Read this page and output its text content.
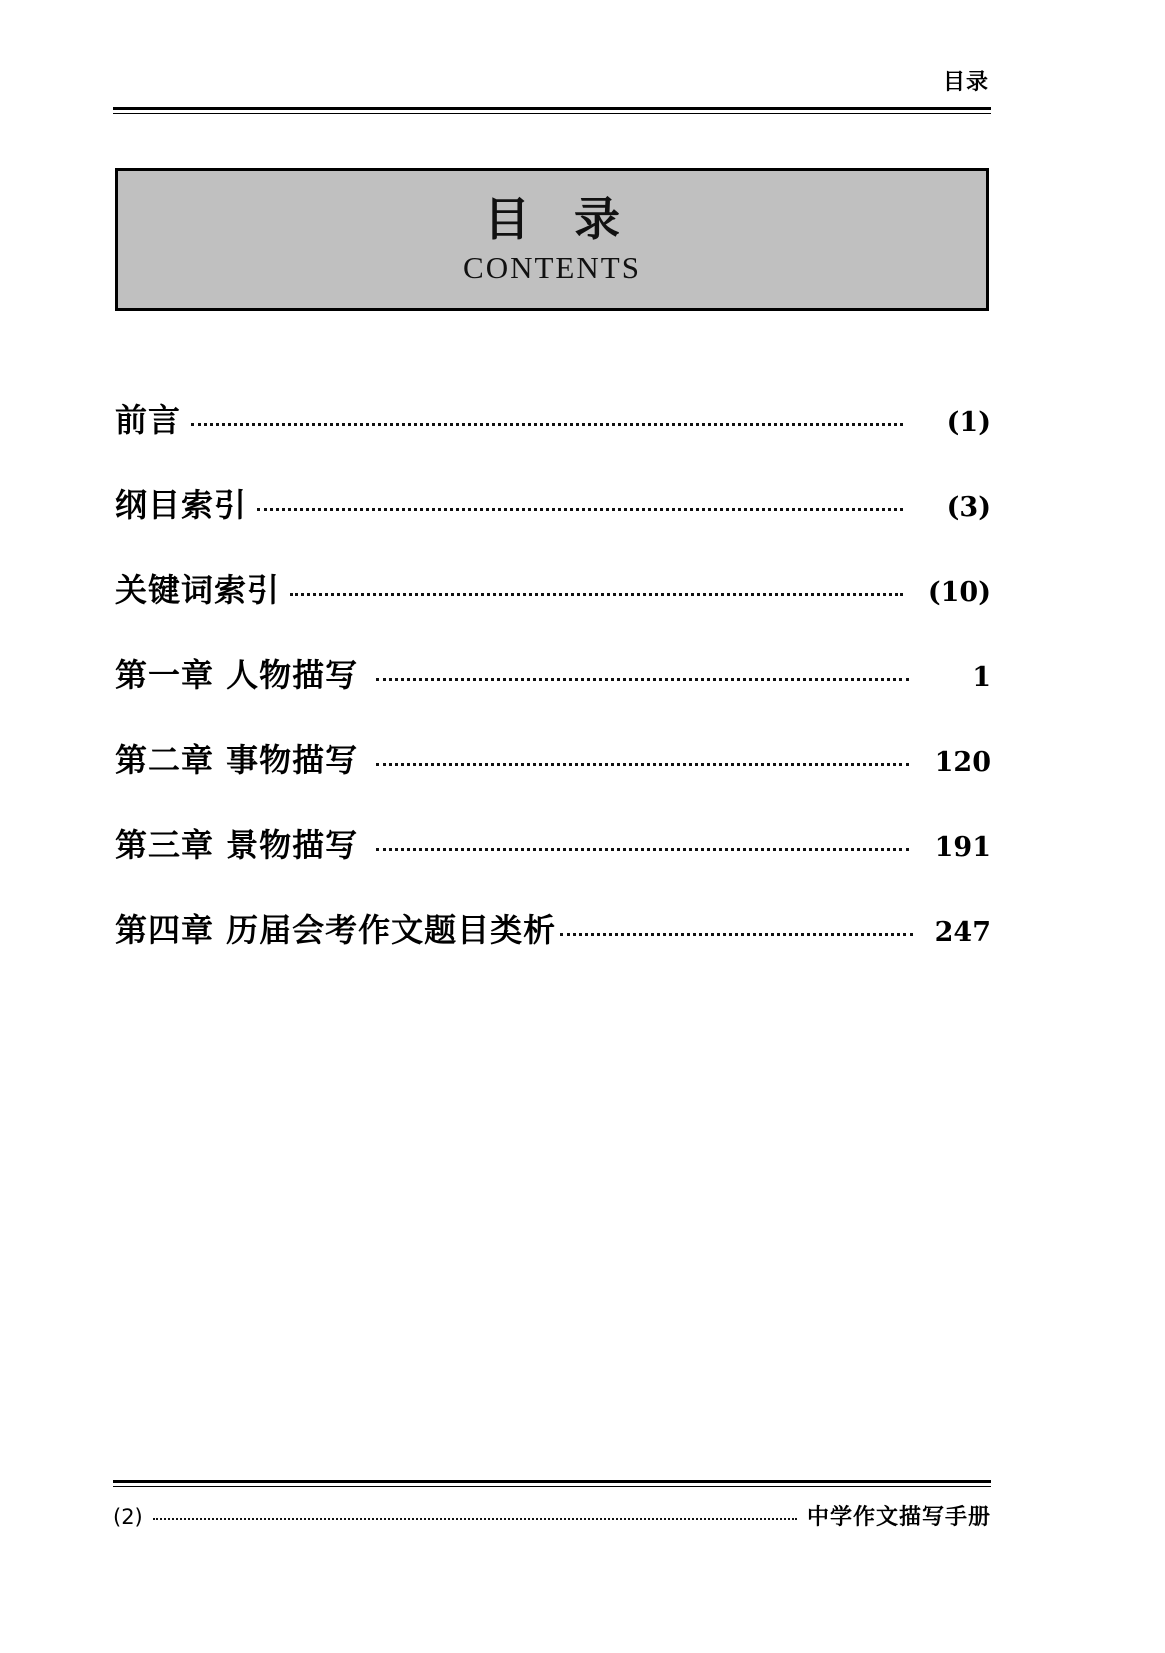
目录
目 录
CONTENTS
前言	(1)
纲目索引	(3)
关键词索引	(10)
第一章 人物描写	1
第二章 事物描写	120
第三章 景物描写	191
第四章 历届会考作文题目类析	247
(2)	中学作文描写手册
